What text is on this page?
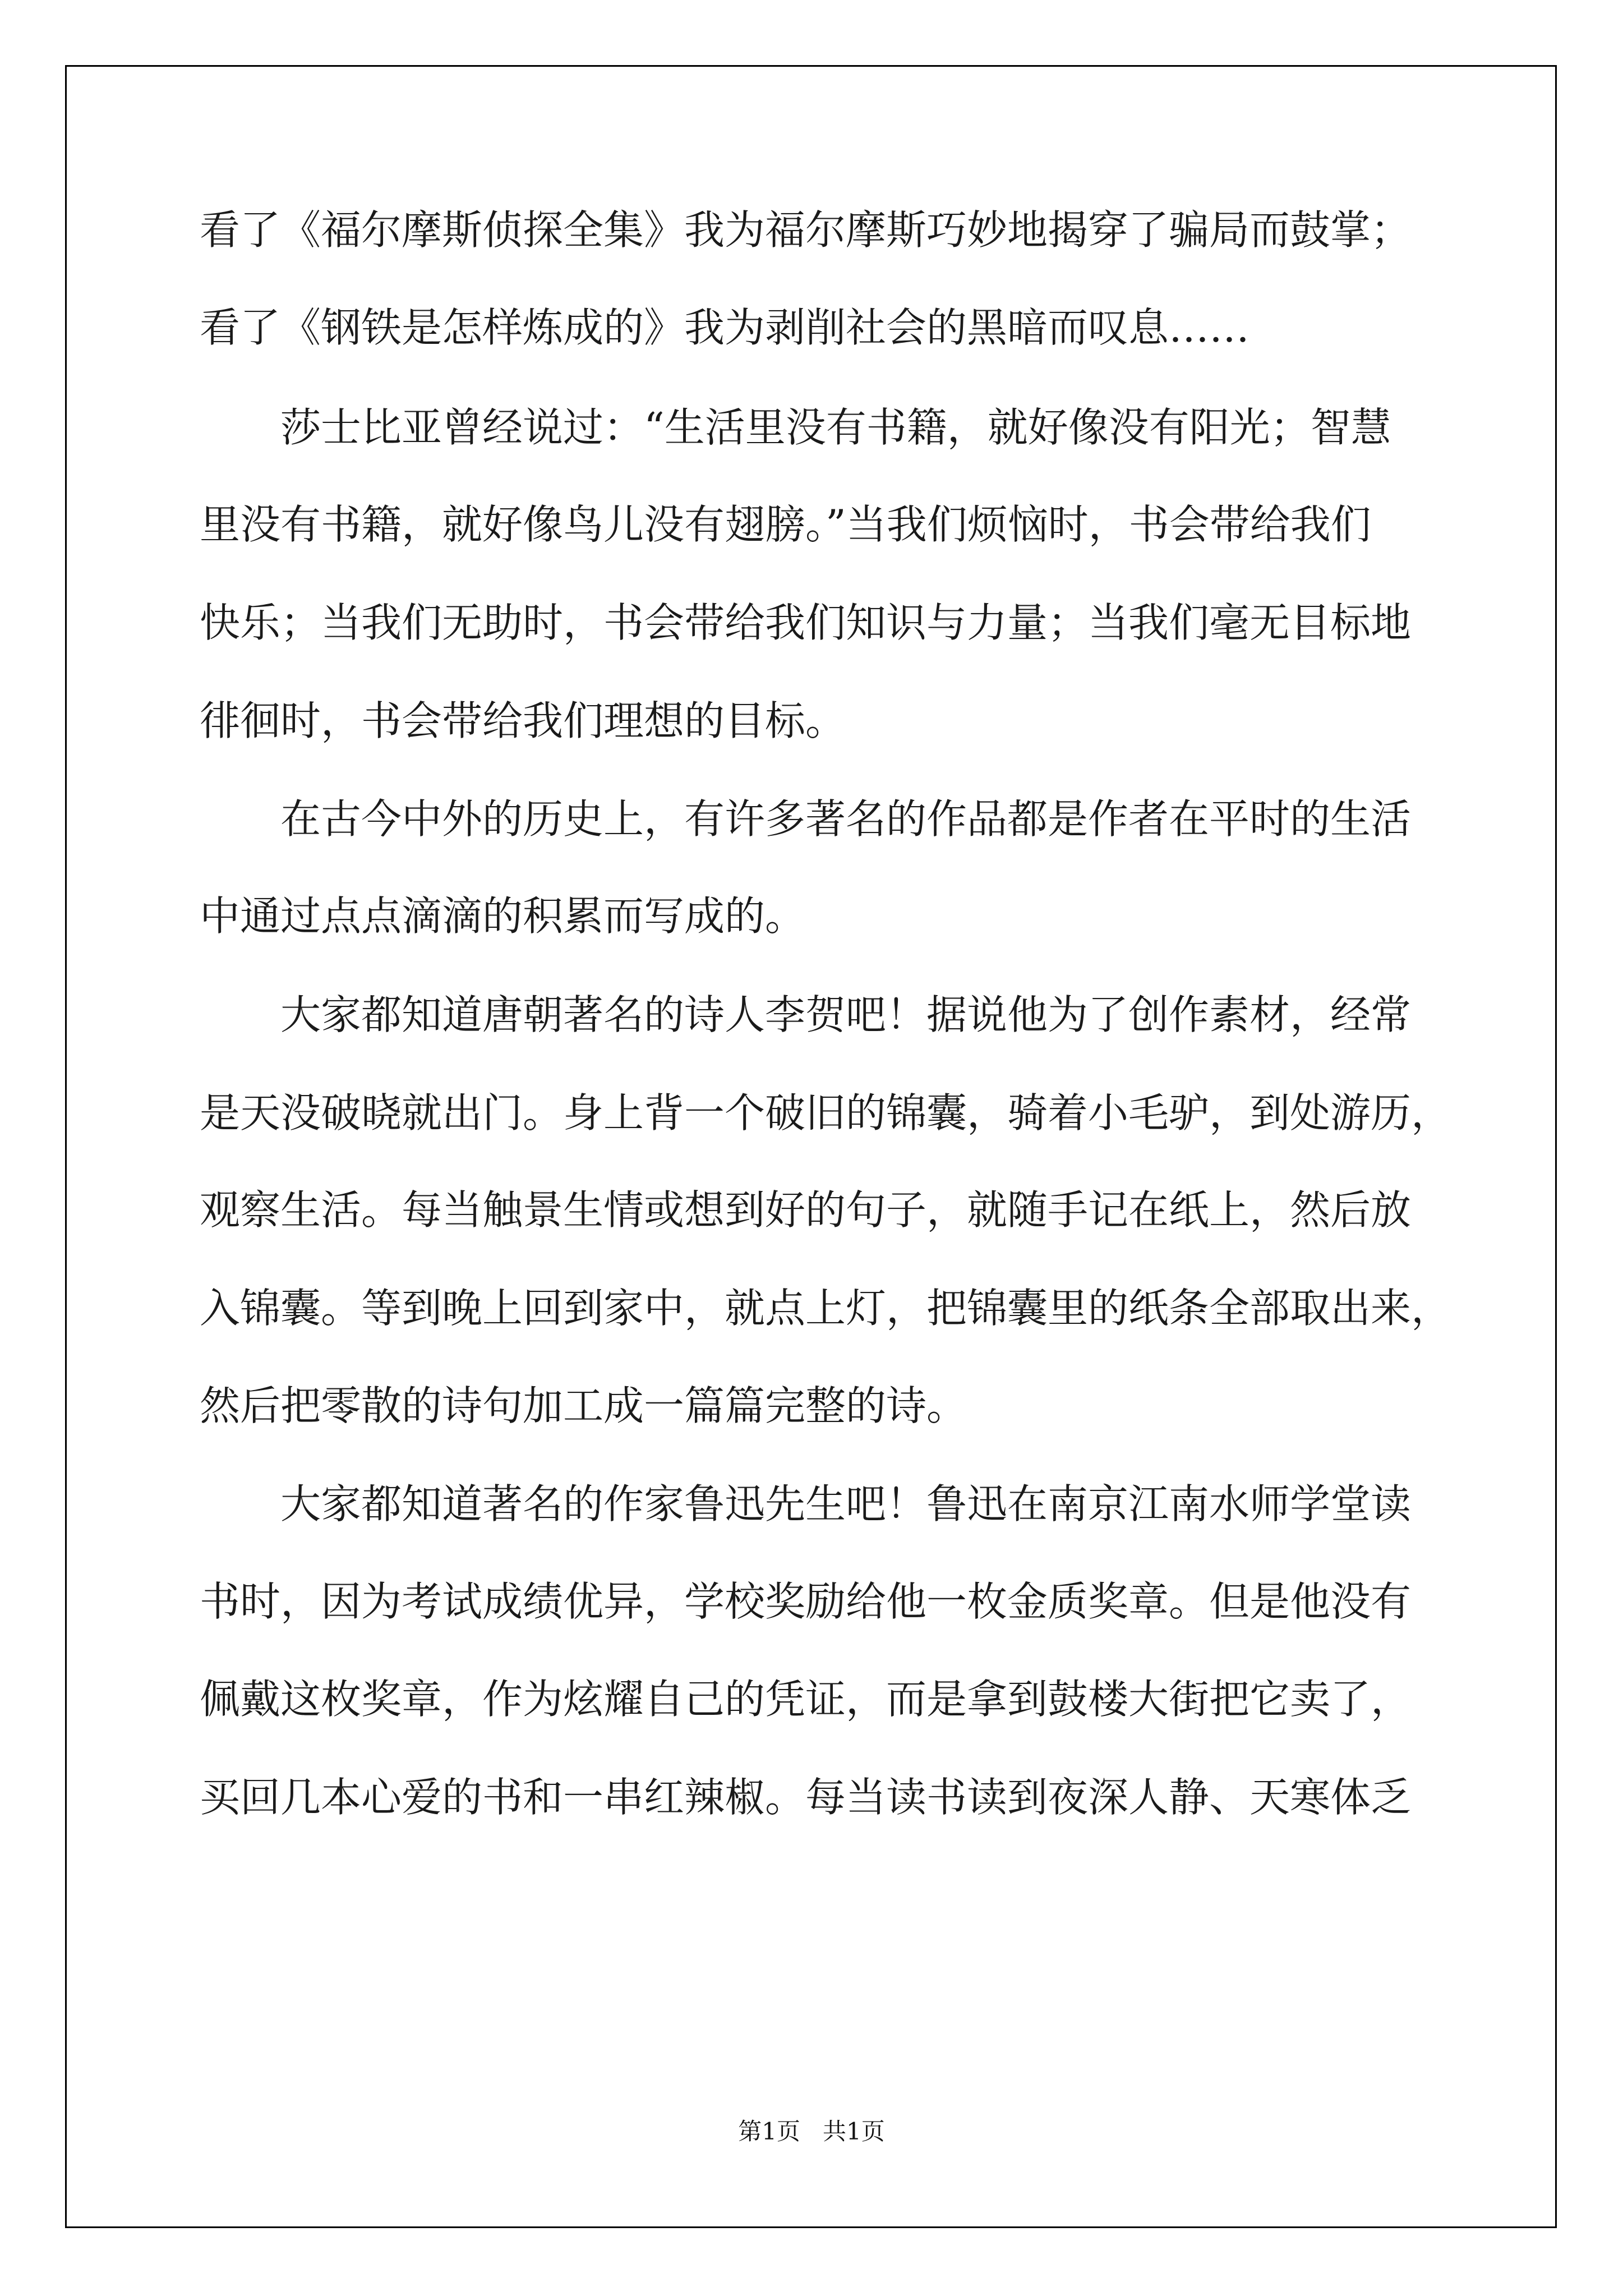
看了《福尔摩斯侦探全集》我为福尔摩斯巧妙地揭穿了骗局而鼓掌；
看了《钢铁是怎样炼成的》我为剥削社会的黑暗而叹息……
莎士比亚曾经说过：“生活里没有书籍，就好像没有阳光；智慧
里没有书籍，就好像鸟儿没有翅膀。”当我们烦恼时，书会带给我们
快乐；当我们无助时，书会带给我们知识与力量；当我们毫无目标地
徘徊时，书会带给我们理想的目标。
在古今中外的历史上，有许多著名的作品都是作者在平时的生活
中通过点点滴滴的积累而写成的。
大家都知道唐朝著名的诗人李贺吧！据说他为了创作素材，经常
是天没破晓就出门。身上背一个破旧的锦囊，骑着小毛驴，到处游历，
观察生活。每当触景生情或想到好的句子，就随手记在纸上，然后放
入锦囊。等到晚上回到家中，就点上灯，把锦囊里的纸条全部取出来，
然后把零散的诗句加工成一篇篇完整的诗。
大家都知道著名的作家鲁迅先生吧！鲁迅在南京江南水师学堂读
书时，因为考试成绩优异，学校奖励给他一枚金质奖章。但是他没有
佩戴这枚奖章，作为炫耀自己的凭证，而是拿到鼓楼大街把它卖了，
买回几本心爱的书和一串红辣椒。每当读书读到夜深人静、天寒体乏
第1页 共1页
